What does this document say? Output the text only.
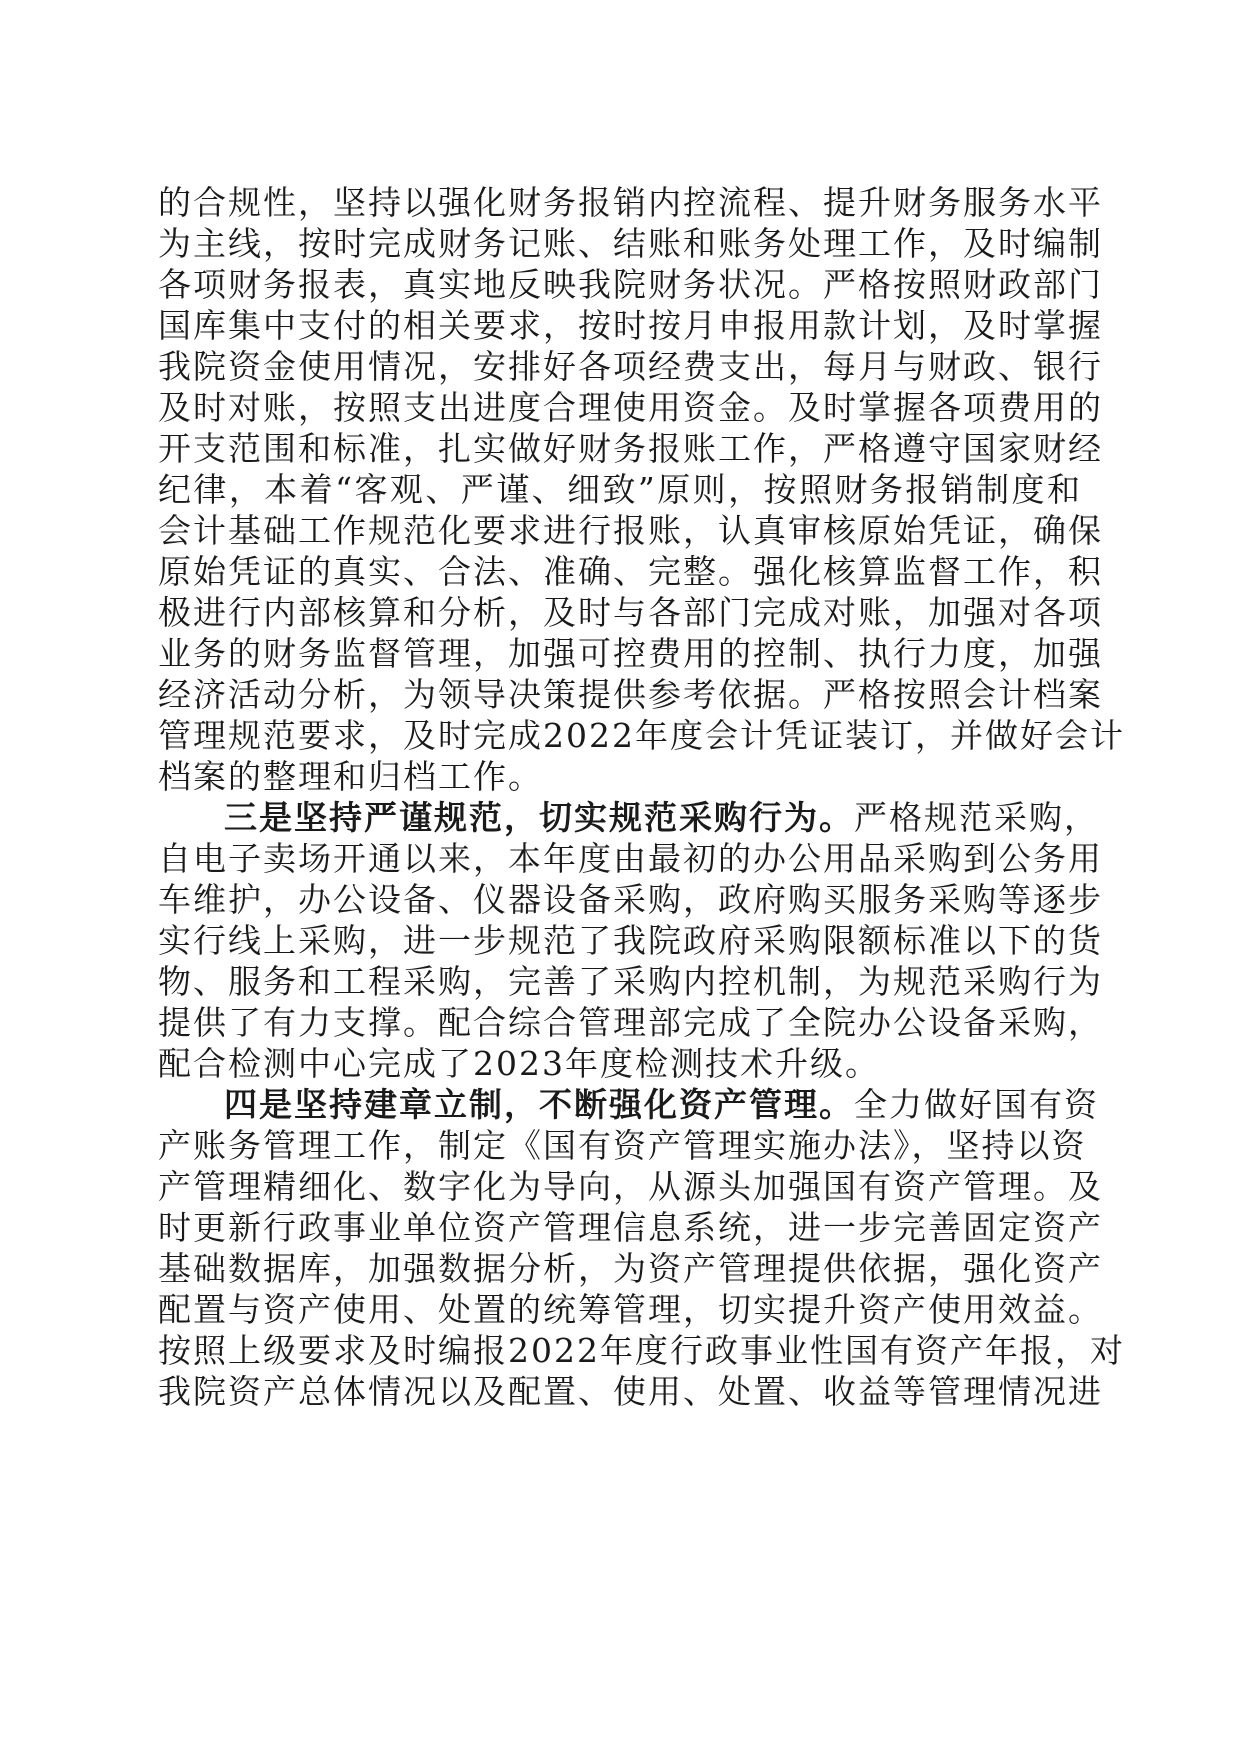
的合规性，坚持以强化财务报销内控流程、提升财务服务水平
为主线，按时完成财务记账、结账和账务处理工作，及时编制
各项财务报表，真实地反映我院财务状况。严格按照财政部门
国库集中支付的相关要求，按时按月申报用款计划，及时掌握
我院资金使用情况，安排好各项经费支出，每月与财政、银行
及时对账，按照支出进度合理使用资金。及时掌握各项费用的
开支范围和标准，扎实做好财务报账工作，严格遵守国家财经
纪律，本着“客观、严谨、细致”原则，按照财务报销制度和
会计基础工作规范化要求进行报账，认真审核原始凭证，确保
原始凭证的真实、合法、准确、完整。强化核算监督工作，积
极进行内部核算和分析，及时与各部门完成对账，加强对各项
业务的财务监督管理，加强可控费用的控制、执行力度，加强
经济活动分析，为领导决策提供参考依据。严格按照会计档案
管理规范要求，及时完成2022年度会计凭证装订，并做好会计
档案的整理和归档工作。
三是坚持严谨规范，切实规范采购行为。严格规范采购，
自电子卖场开通以来，本年度由最初的办公用品采购到公务用
车维护，办公设备、仪器设备采购，政府购买服务采购等逐步
实行线上采购，进一步规范了我院政府采购限额标准以下的货
物、服务和工程采购，完善了采购内控机制，为规范采购行为
提供了有力支撑。配合综合管理部完成了全院办公设备采购，
配合检测中心完成了2023年度检测技术升级。
四是坚持建章立制，不断强化资产管理。全力做好国有资
产账务管理工作，制定《国有资产管理实施办法》，坚持以资
产管理精细化、数字化为导向，从源头加强国有资产管理。及
时更新行政事业单位资产管理信息系统，进一步完善固定资产
基础数据库，加强数据分析，为资产管理提供依据，强化资产
配置与资产使用、处置的统筹管理，切实提升资产使用效益。
按照上级要求及时编报2022年度行政事业性国有资产年报，对
我院资产总体情况以及配置、使用、处置、收益等管理情况进
